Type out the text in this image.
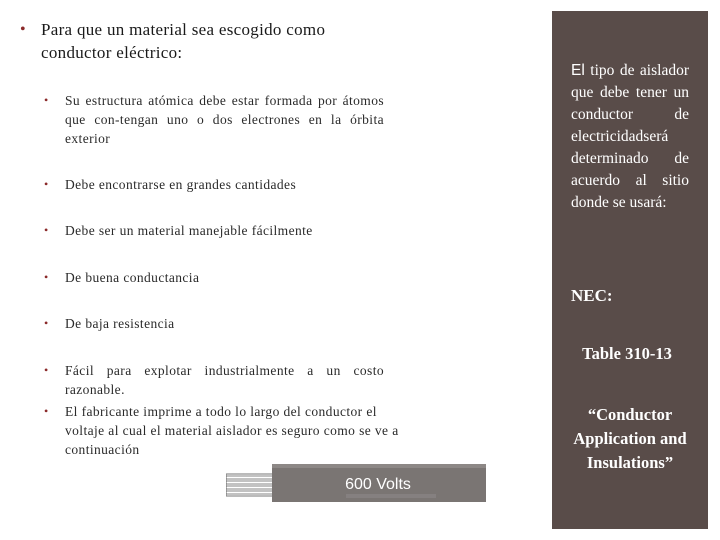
• Para que un material sea escogido como conductor eléctrico:
•	Su estructura atómica debe estar formada por átomos que con-tengan uno o dos electrones en la órbita exterior
•	Debe encontrarse en grandes cantidades
•	Debe ser un material manejable fácilmente
•	De buena conductancia
•	De baja resistencia
•	Fácil para explotar industrialmente a un costo razonable.
•	El fabricante imprime a todo lo largo del conductor el voltaje al cual el material aislador es seguro como se ve a continuación
600 Volts
El tipo de aislador que debe tener un conductor de electricidadserá determinado de acuerdo al sitio donde se usará:
NEC:
Table 310-13
“Conductor Application and Insulations”
